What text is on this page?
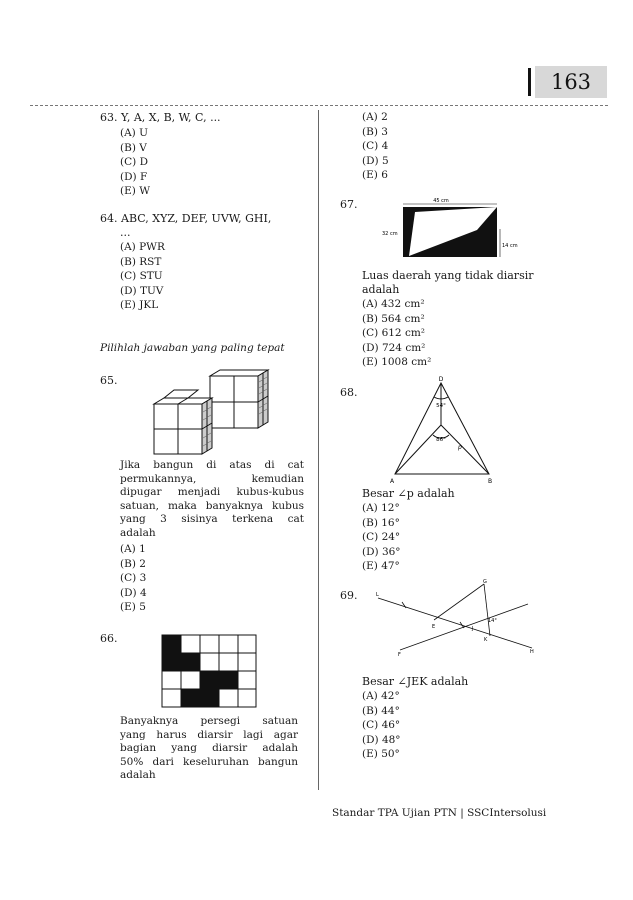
163
63. Y, A, X, B, W, C, ...
(A) U
(B) V
(C) D
(D) F
(E) W
64. ABC, XYZ, DEF, UVW, GHI,
...
(A) PWR
(B) RST
(C) STU
(D) TUV
(E) JKL
Pilihlah jawaban yang paling tepat
65.
Jika bangun di atas di cat
permukannya, kemudian
dipugar menjadi kubus-kubus
satuan, maka banyaknya kubus
yang 3 sisinya terkena cat
adalah
(A) 1
(B) 2
(C) 3
(D) 4
(E) 5
66.
Banyaknya persegi satuan
yang harus diarsir lagi agar
bagian yang diarsir adalah
50% dari keseluruhan bangun
adalah
(A) 2
(B) 3
(C) 4
(D) 5
(E) 6
67.	45 cm
32 cm
14 cm
Luas daerah yang tidak diarsir
adalah
(A) 432 cm²
(B) 564 cm²
(C) 612 cm²
(D) 724 cm²
(E) 1008 cm²
68.
D
54°
86°
p
A	B
Besar ∠p adalah
(A) 12°
(B) 16°
(C) 24°
(D) 36°
(E) 47°
69.	L
G
14°
E	J
K
F	H
Besar ∠JEK adalah
(A) 42°
(B) 44°
(C) 46°
(D) 48°
(E) 50°
Standar TPA Ujian PTN | SSCIntersolusi
